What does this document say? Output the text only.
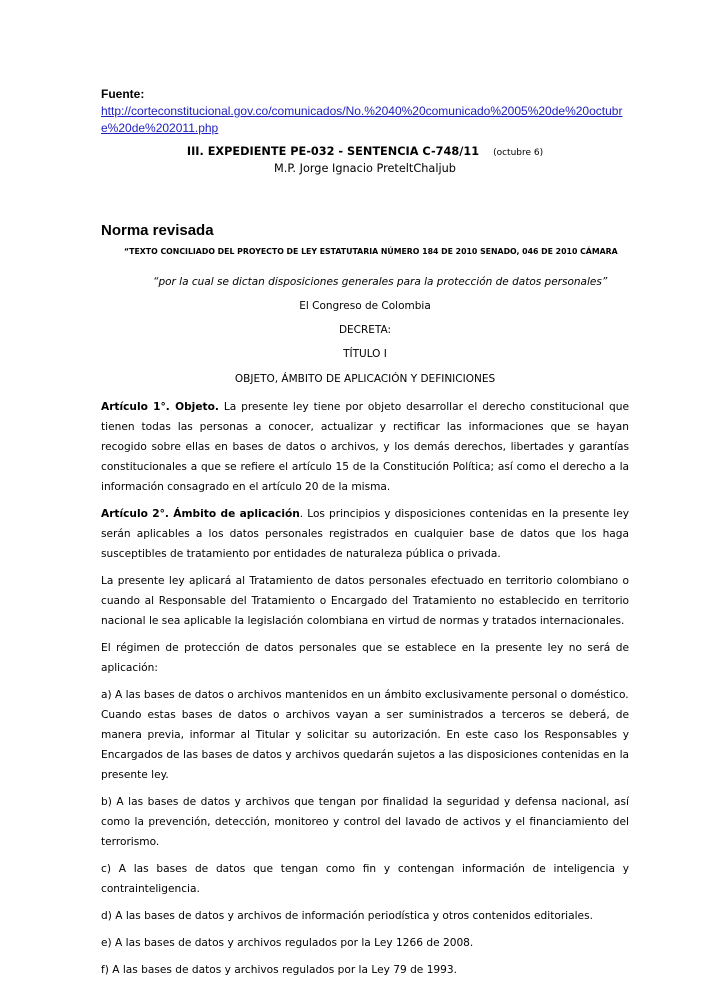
Fuente:
http://corteconstitucional.gov.co/comunicados/No.%2040%20comunicado%2005%20de%20octubre%20de%202011.php
III. EXPEDIENTE PE-032 - SENTENCIA C-748/11 (octubre 6)
M.P. Jorge Ignacio PreteltChaljub
Norma revisada
“TEXTO CONCILIADO DEL PROYECTO DE LEY ESTATUTARIA NÚMERO 184 DE 2010 SENADO, 046 DE 2010 CÁMARA
“por la cual se dictan disposiciones generales para la protección de datos personales”
El Congreso de Colombia
DECRETA:
TÍTULO I
OBJETO, ÁMBITO DE APLICACIÓN Y DEFINICIONES

Artículo 1°. Objeto. La presente ley tiene por objeto desarrollar el derecho constitucional que tienen todas las personas a conocer, actualizar y rectificar las informaciones que se hayan recogido sobre ellas en bases de datos o archivos, y los demás derechos, libertades y garantías constitucionales a que se refiere el artículo 15 de la Constitución Política; así como el derecho a la información consagrado en el artículo 20 de la misma.

Artículo 2°. Ámbito de aplicación. Los principios y disposiciones contenidas en la presente ley serán aplicables a los datos personales registrados en cualquier base de datos que los haga susceptibles de tratamiento por entidades de naturaleza pública o privada.

La presente ley aplicará al Tratamiento de datos personales efectuado en territorio colombiano o cuando al Responsable del Tratamiento o Encargado del Tratamiento no establecido en territorio nacional le sea aplicable la legislación colombiana en virtud de normas y tratados internacionales.

El régimen de protección de datos personales que se establece en la presente ley no será de aplicación:

a) A las bases de datos o archivos mantenidos en un ámbito exclusivamente personal o doméstico.

Cuando estas bases de datos o archivos vayan a ser suministrados a terceros se deberá, de manera previa, informar al Titular y solicitar su autorización. En este caso los Responsables y Encargados de las bases de datos y archivos quedarán sujetos a las disposiciones contenidas en la presente ley.

b) A las bases de datos y archivos que tengan por finalidad la seguridad y defensa nacional, así como la prevención, detección, monitoreo y control del lavado de activos y el financiamiento del terrorismo.

c) A las bases de datos que tengan como fin y contengan información de inteligencia y contrainteligencia.

d) A las bases de datos y archivos de información periodística y otros contenidos editoriales.

e) A las bases de datos y archivos regulados por la Ley 1266 de 2008.

f) A las bases de datos y archivos regulados por la Ley 79 de 1993.
